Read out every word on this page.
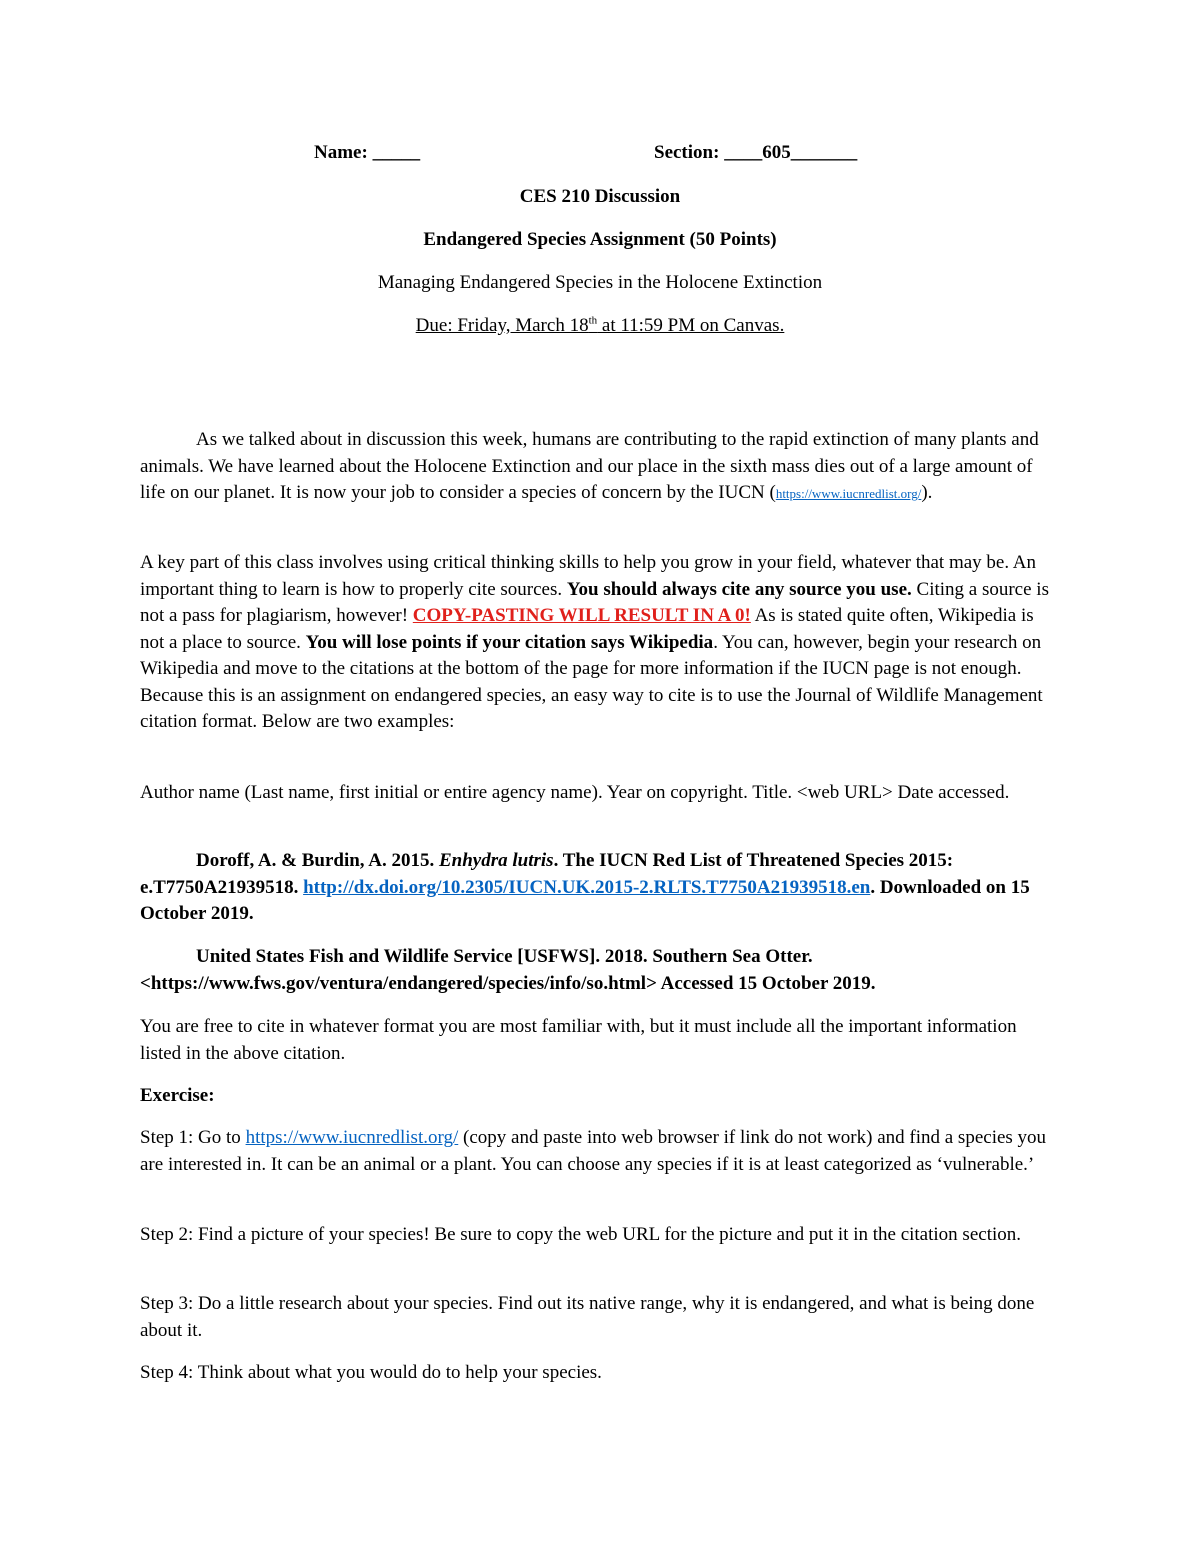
Name: _____	Section: ____605_______

CES 210 Discussion

Endangered Species Assignment (50 Points)

Managing Endangered Species in the Holocene Extinction

Due: Friday, March 18th at 11:59 PM on Canvas.

As we talked about in discussion this week, humans are contributing to the rapid extinction of many plants and animals. We have learned about the Holocene Extinction and our place in the sixth mass dies out of a large amount of life on our planet. It is now your job to consider a species of concern by the IUCN (https://www.iucnredlist.org/).

A key part of this class involves using critical thinking skills to help you grow in your field, whatever that may be. An important thing to learn is how to properly cite sources. You should always cite any source you use. Citing a source is not a pass for plagiarism, however! COPY-PASTING WILL RESULT IN A 0! As is stated quite often, Wikipedia is not a place to source. You will lose points if your citation says Wikipedia. You can, however, begin your research on Wikipedia and move to the citations at the bottom of the page for more information if the IUCN page is not enough. Because this is an assignment on endangered species, an easy way to cite is to use the Journal of Wildlife Management citation format. Below are two examples:

Author name (Last name, first initial or entire agency name). Year on copyright. Title. <web URL> Date accessed.

Doroff, A. & Burdin, A. 2015. Enhydra lutris. The IUCN Red List of Threatened Species 2015: e.T7750A21939518. http://dx.doi.org/10.2305/IUCN.UK.2015-2.RLTS.T7750A21939518.en. Downloaded on 15 October 2019.

United States Fish and Wildlife Service [USFWS]. 2018. Southern Sea Otter. <https://www.fws.gov/ventura/endangered/species/info/so.html> Accessed 15 October 2019.

You are free to cite in whatever format you are most familiar with, but it must include all the important information listed in the above citation.

Exercise:

Step 1: Go to https://www.iucnredlist.org/ (copy and paste into web browser if link do not work) and find a species you are interested in. It can be an animal or a plant. You can choose any species if it is at least categorized as ‘vulnerable.’

Step 2: Find a picture of your species! Be sure to copy the web URL for the picture and put it in the citation section.

Step 3: Do a little research about your species. Find out its native range, why it is endangered, and what is being done about it.

Step 4: Think about what you would do to help your species.
